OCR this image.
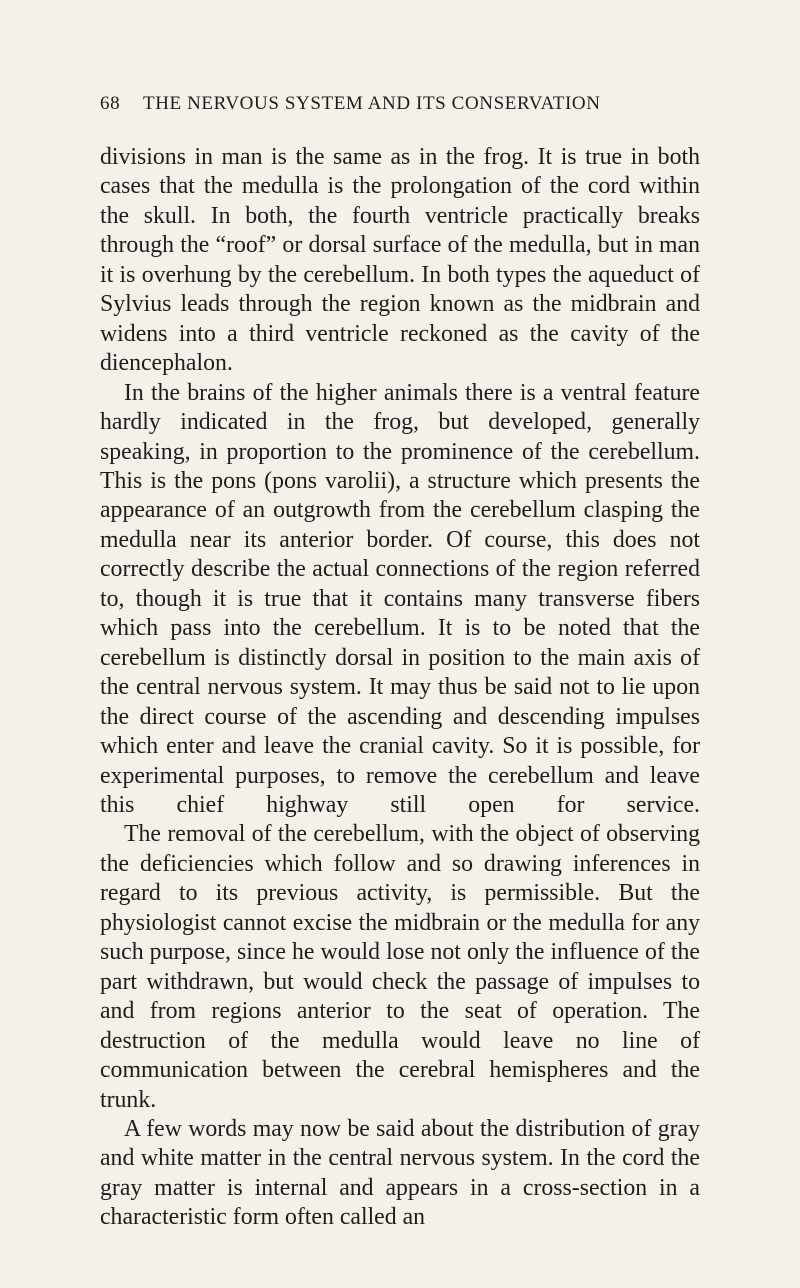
68 THE NERVOUS SYSTEM AND ITS CONSERVATION

divisions in man is the same as in the frog. It is true in both cases that the medulla is the prolongation of the cord within the skull. In both, the fourth ventricle practically breaks through the “roof” or dorsal surface of the medulla, but in man it is overhung by the cerebellum. In both types the aqueduct of Sylvius leads through the region known as the midbrain and widens into a third ventricle reckoned as the cavity of the diencephalon.

In the brains of the higher animals there is a ventral feature hardly indicated in the frog, but developed, generally speaking, in proportion to the prominence of the cerebellum. This is the pons (pons varolii), a structure which presents the appearance of an outgrowth from the cerebellum clasping the medulla near its anterior border. Of course, this does not correctly describe the actual connections of the region referred to, though it is true that it contains many transverse fibers which pass into the cerebellum. It is to be noted that the cerebellum is distinctly dorsal in position to the main axis of the central nervous system. It may thus be said not to lie upon the direct course of the ascending and descending impulses which enter and leave the cranial cavity. So it is possible, for experimental purposes, to remove the cerebellum and leave this chief highway still open for service.

The removal of the cerebellum, with the object of observing the deficiencies which follow and so drawing inferences in regard to its previous activity, is permissible. But the physiologist cannot excise the midbrain or the medulla for any such purpose, since he would lose not only the influence of the part withdrawn, but would check the passage of impulses to and from regions anterior to the seat of operation. The destruction of the medulla would leave no line of communication between the cerebral hemispheres and the trunk.

A few words may now be said about the distribution of gray and white matter in the central nervous system. In the cord the gray matter is internal and appears in a cross-section in a characteristic form often called an
